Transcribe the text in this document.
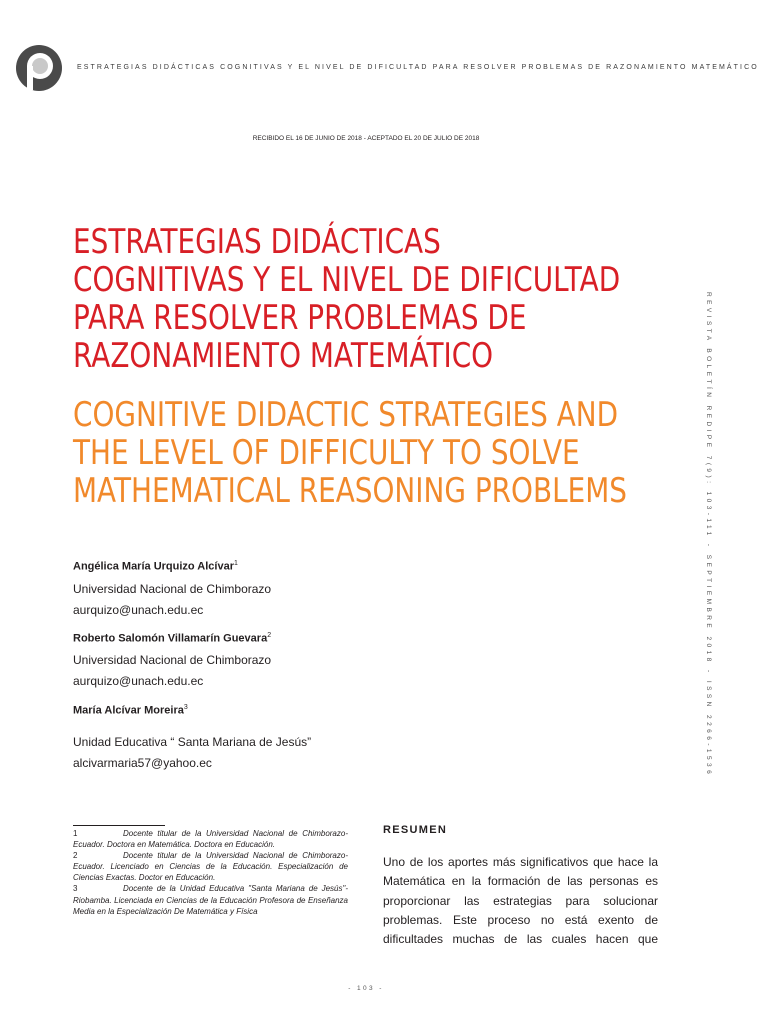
ESTRATEGIAS DIDÁCTICAS COGNITIVAS Y EL NIVEL DE DIFICULTAD PARA RESOLVER PROBLEMAS DE RAZONAMIENTO MATEMÁTICO
RECIBIDO EL 16 DE JUNIO DE 2018 - ACEPTADO EL 20 DE JULIO DE 2018
ESTRATEGIAS DIDÁCTICAS
COGNITIVAS Y EL NIVEL DE DIFICULTAD
PARA RESOLVER PROBLEMAS DE
RAZONAMIENTO MATEMÁTICO
COGNITIVE DIDACTIC STRATEGIES AND
THE LEVEL OF DIFFICULTY TO SOLVE
MATHEMATICAL REASONING PROBLEMS	REVISTA BOLETÍN REDIPE 7(9): 103-111 - SEPTIEMBRE 2018 - ISSN 2266-1536
Angélica María Urquizo Alcívar$^1$
Universidad Nacional de Chimborazo
aurquizo@unach.edu.ec
Roberto Salomón Villamarín Guevara$^2$
Universidad Nacional de Chimborazo
aurquizo@unach.edu.ec
María Alcívar Moreira$^3$
Unidad Educativa “ Santa Mariana de Jesús”
alcivarmaria57@yahoo.ec

1	Docente titular de la Universidad Nacional de Chimborazo- Ecuador. Doctora en Matemática. Doctora en Educación.

2	Docente titular de la Universidad Nacional de Chimborazo-Ecuador. Licenciado en Ciencias de la Educación. Especialización de Ciencias Exactas. Doctor en Educación.

3	Docente de la Unidad Educativa "Santa Mariana de Jesús"-Riobamba. Licenciada en Ciencias de la Educación Profesora de Enseñanza Media en la Especialización De Matemática y Física

RESUMEN

Uno de los aportes más significativos que hace la Matemática en la formación de las personas es proporcionar las estrategias para solucionar problemas. Este proceso no está exento de dificultades muchas de las cuales hacen que

- 103 -
